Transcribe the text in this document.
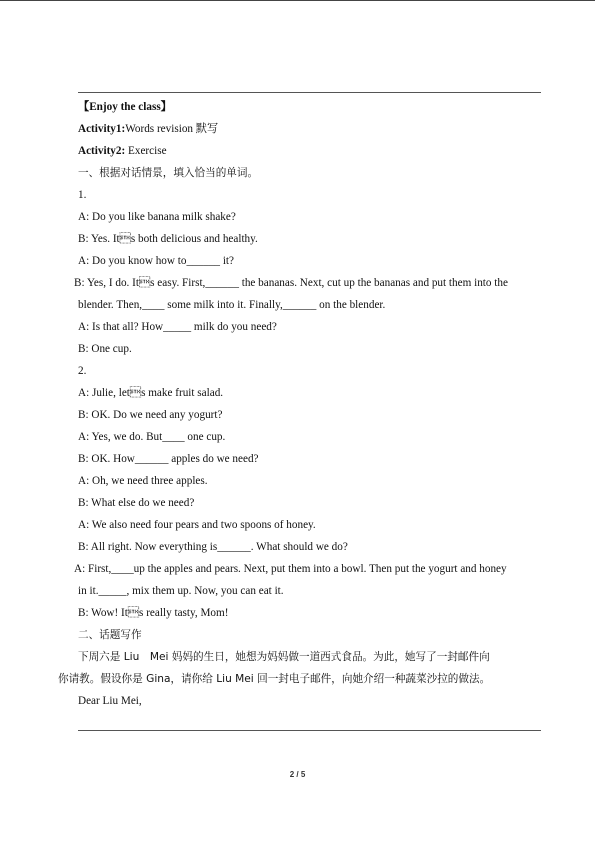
【Enjoy the class】
Activity1:Words revision 默写
Activity2: Exercise
一、根据对话情景，填入恰当的单词。
1.
A: Do you like banana milk shake?
B: Yes. Its both delicious and healthy.
A: Do you know how to______ it?
B: Yes, I do. Its easy. First,______ the bananas. Next, cut up the bananas and put them into the
blender. Then,____ some milk into it. Finally,______ on the blender.
A: Is that all? How_____ milk do you need?
B: One cup.
2.
A: Julie, lets make fruit salad.
B: OK. Do we need any yogurt?
A: Yes, we do. But____ one cup.
B: OK. How______ apples do we need?
A: Oh, we need three apples.
B: What else do we need?
A: We also need four pears and two spoons of honey.
B: All right. Now everything is______. What should we do?
A: First,____up the apples and pears. Next, put them into a bowl. Then put the yogurt and honey
in it._____, mix them up. Now, you can eat it.
B: Wow! Its really tasty, Mom!
二、话题写作
下周六是 Liu　Mei 妈妈的生日，她想为妈妈做一道西式食品。为此，她写了一封邮件向
你请教。假设你是 Gina，请你给 Liu Mei 回一封电子邮件，向她介绍一种蔬菜沙拉的做法。
Dear Liu Mei,
2 / 5
